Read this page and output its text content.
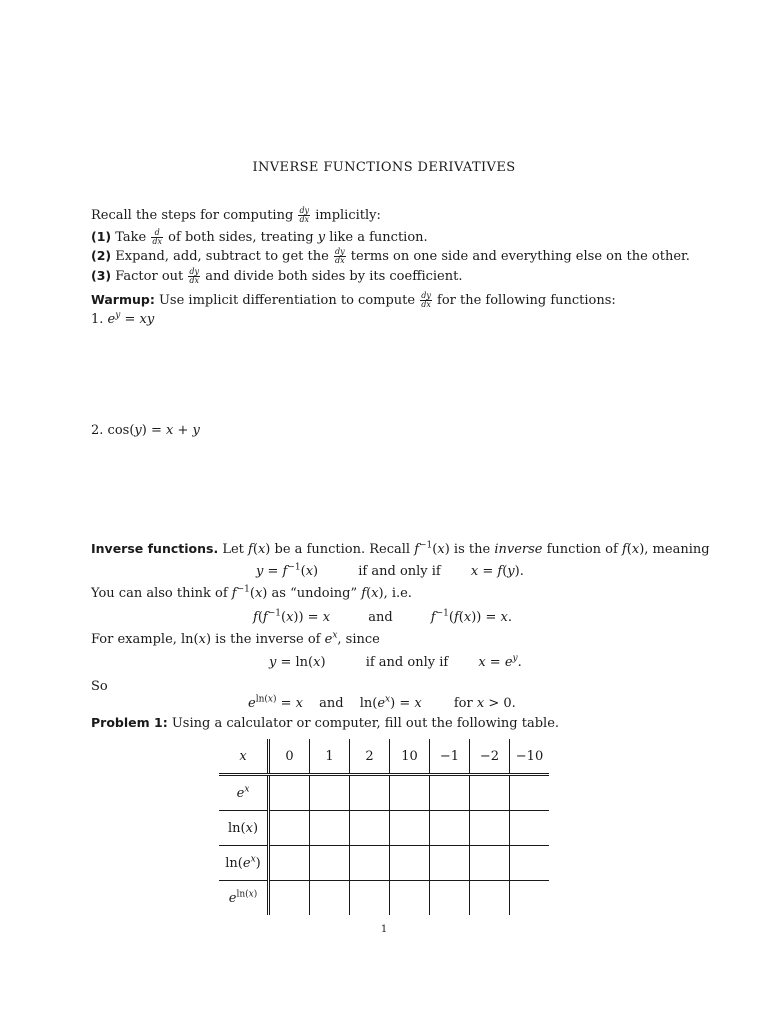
INVERSE FUNCTIONS DERIVATIVES
Recall the steps for computing $\frac{dy}{dx}$ implicitly:
(1) Take $\frac{d}{dx}$ of both sides, treating y like a function.
(2) Expand, add, subtract to get the $\frac{dy}{dx}$ terms on one side and everything else on the other.
(3) Factor out $\frac{dy}{dx}$ and divide both sides by its coefficient.
Warmup: Use implicit differentiation to compute $\frac{dy}{dx}$ for the following functions:
1. $e^y$ = xy
2. cos(y) = x + y
Inverse functions. Let f(x) be a function. Recall $f^{-1}(x)$ is the inverse function of f(x), meaning
$y = f^{-1}(x)$	if and only if x = f(y).
You can also think of $f^{-1}(x)$ as “undoing” f(x), i.e.
$f(f^{-1}(x)) = x$	and	$f^{-1}(f(x)) = x$.
For example, ln(x) is the inverse of $e^x$, since
y = ln(x)	if and only if $x = e^y$.
So
$e^{ln(x)} = x$ and $\ln(e^x) = x$ for x > 0.
Problem 1: Using a calculator or computer, fill out the following table.
x	0	1	2	10	−1	−2	−10
$e^x$							
ln(x)							
$\ln(e^x)$							
$e^{ln(x)}$							
1
